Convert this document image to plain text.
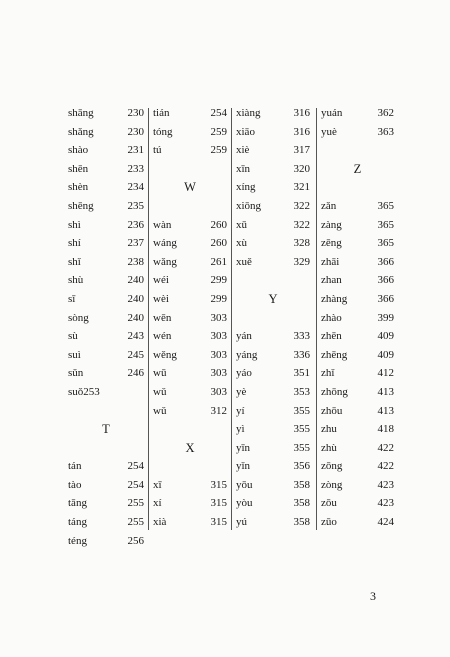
shāng	230
shǎng	230
shào	231
shēn	233
shèn	234
shēng	235
shì	236
shí	237
shǐ	238
shù	240
sī	240
sòng	240
sù	243
suì	245
sǔn	246
suǒ253
T
tán	254
tào	254
tāng	255
táng	255
téng	256
tián	254
tóng	259
tú	259
W
wàn	260
wáng	260
wǎng	261
wéi	299
wèi	299
wēn	303
wén	303
wěng	303
wū	303
wǔ	303
wǔ	312
X
xī	315
xí	315
xià	315
xiàng	316
xiāo	316
xiè	317
xīn	320
xíng	321
xiōng	322
xū	322
xù	328
xuě	329
Y
yán	333
yáng	336
yáo	351
yè	353
yí	355
yì	355
yīn	355
yǐn	356
yōu	358
yòu	358
yú	358
yuán	362
yuè	363
Z
zǎn	365
zàng	365
zēng	365
zhāi	366
zhan	366
zhàng	366
zhào	399
zhēn	409
zhēng	409
zhǐ	412
zhōng	413
zhōu	413
zhu	418
zhù	422
zōng	422
zòng	423
zōu	423
zūo	424
3
